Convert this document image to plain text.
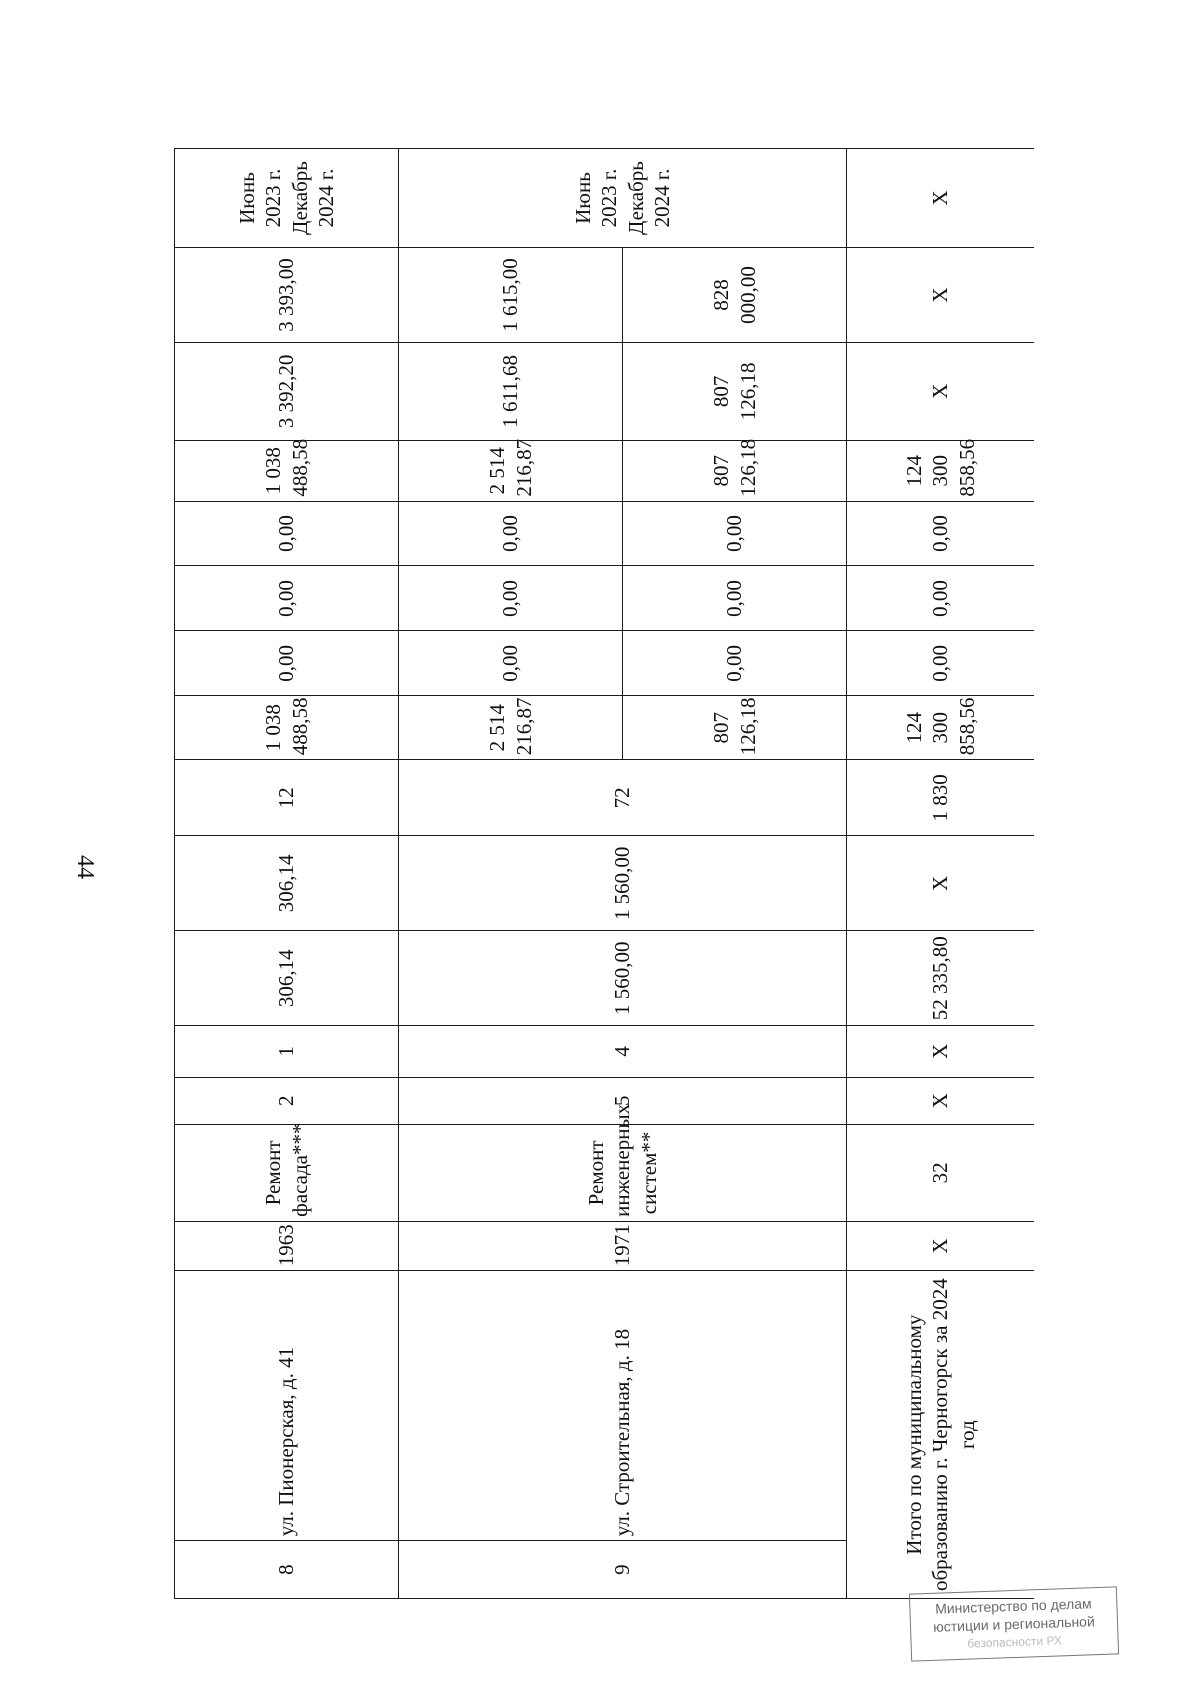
44
8	ул. Пионерская, д. 41	1963	Ремонт фасада***	2	1	306,14	306,14	12	1 038 488,58	0,00	0,00	0,00	1 038 488,58	3 392,20	3 393,00	Июнь 2023 г. Декабрь 2024 г.
9	ул. Строительная, д. 18	1971	Ремонт инженерных систем**	5	4	1 560,00	1 560,00	72	2 514 216,87	0,00	0,00	0,00	2 514 216,87	1 611,68	1 615,00	Июнь 2023 г. Декабрь 2024 г.
									807 126,18	0,00	0,00	0,00	807 126,18	807 126,18	828 000,00	
Итого по муниципальному образованию г. Черногорск за 2024 год		X	32	X	X	52 335,80	X	1 830	124 300 858,56	0,00	0,00	0,00	124 300 858,56	X	X	X
Министерство по делам
юстиции и региональной
безопасности РХ
